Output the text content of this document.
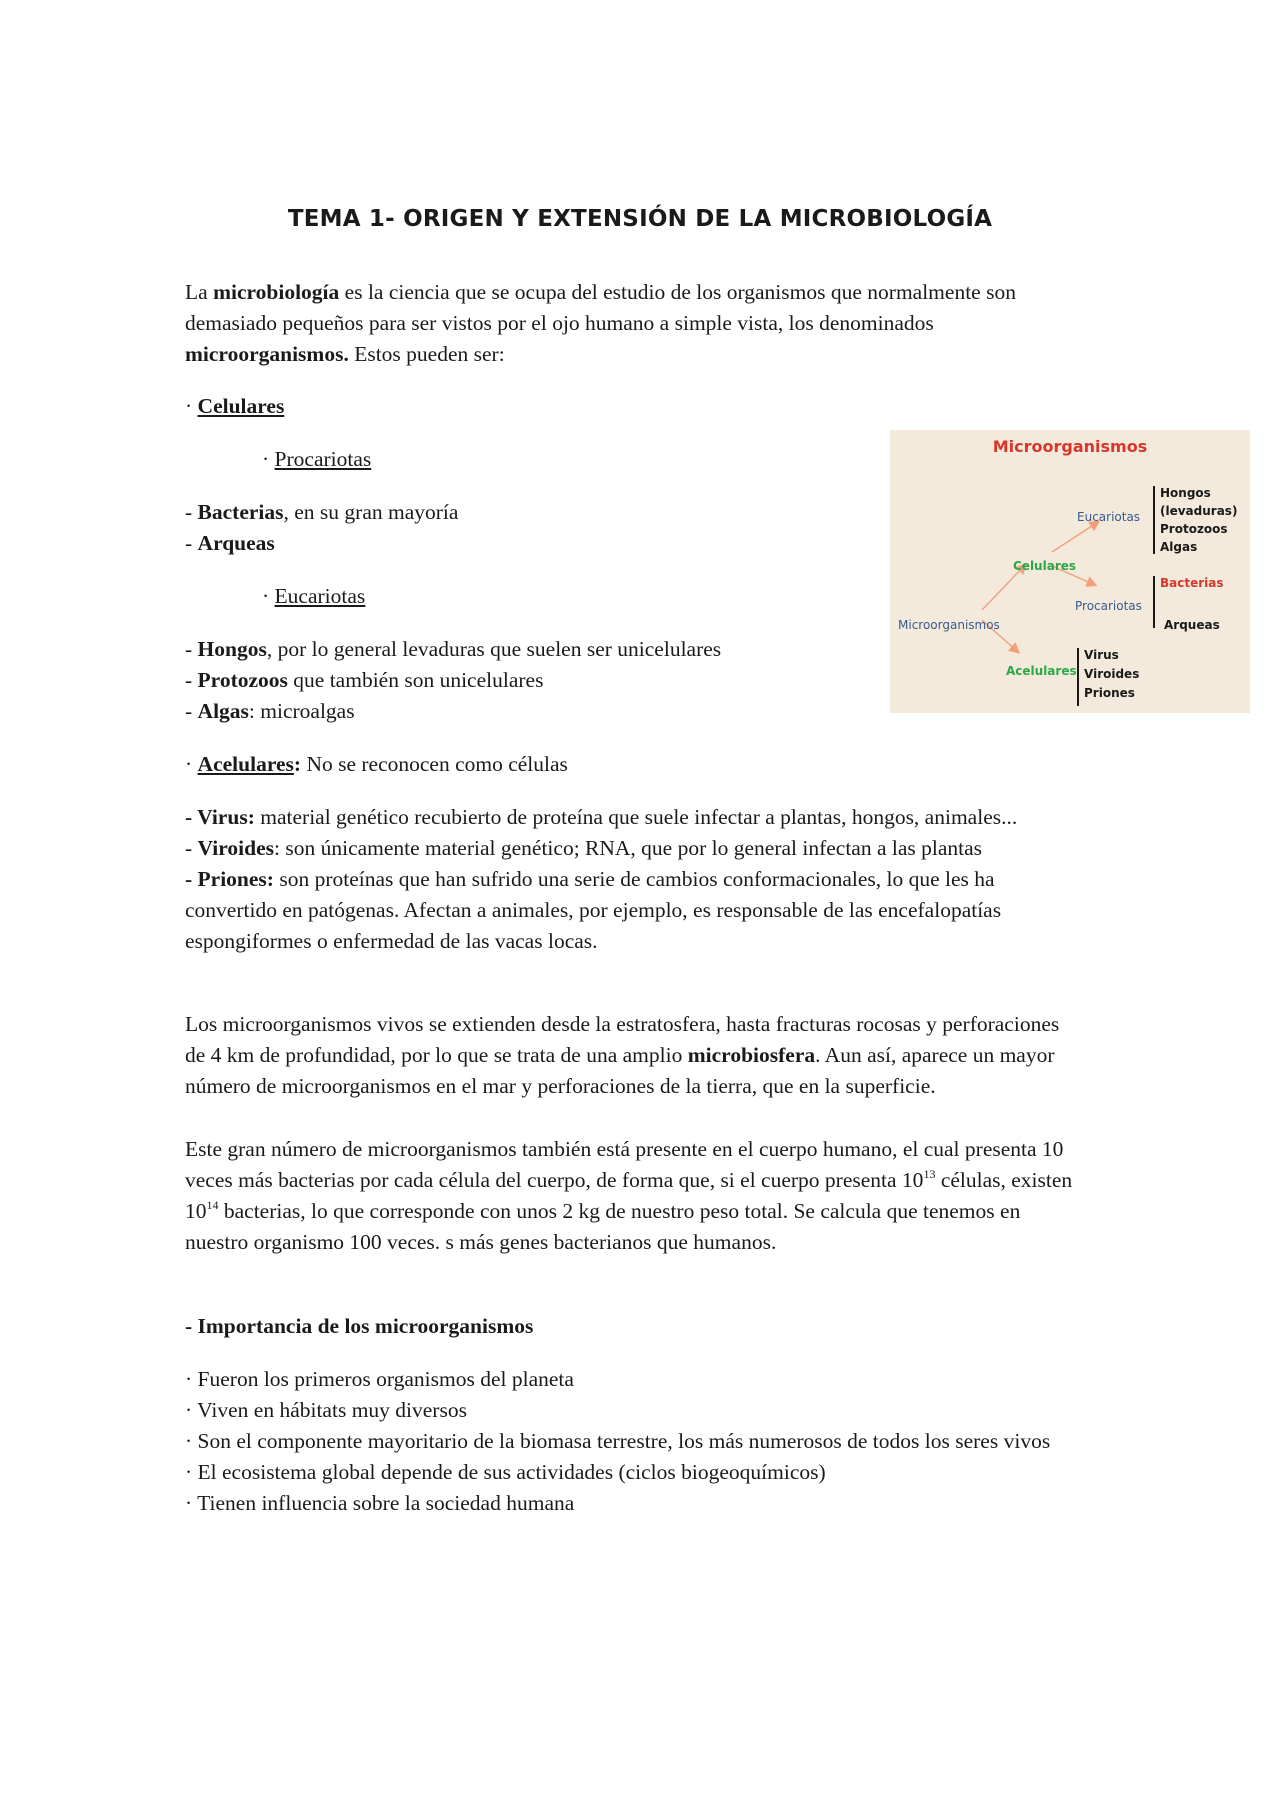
TEMA 1- ORIGEN Y EXTENSIÓN DE LA MICROBIOLOGÍA
La microbiología es la ciencia que se ocupa del estudio de los organismos que normalmente son
demasiado pequeños para ser vistos por el ojo humano a simple vista, los denominados
microorganismos. Estos pueden ser:
· Celulares
· Procariotas
- Bacterias, en su gran mayoría
- Arqueas
· Eucariotas
- Hongos, por lo general levaduras que suelen ser unicelulares
- Protozoos que también son unicelulares
- Algas: microalgas
· Acelulares: No se reconocen como células
- Virus: material genético recubierto de proteína que suele infectar a plantas, hongos, animales...
- Viroides: son únicamente material genético; RNA, que por lo general infectan a las plantas
- Priones: son proteínas que han sufrido una serie de cambios conformacionales, lo que les ha
convertido en patógenas. Afectan a animales, por ejemplo, es responsable de las encefalopatías
espongiformes o enfermedad de las vacas locas.
Los microorganismos vivos se extienden desde la estratosfera, hasta fracturas rocosas y perforaciones
de 4 km de profundidad, por lo que se trata de una amplio microbiosfera. Aun así, aparece un mayor
número de microorganismos en el mar y perforaciones de la tierra, que en la superficie.
Este gran número de microorganismos también está presente en el cuerpo humano, el cual presenta 10
veces más bacterias por cada célula del cuerpo, de forma que, si el cuerpo presenta $10^{13}$ células, existen
$10^{14}$ bacterias, lo que corresponde con unos 2 kg de nuestro peso total. Se calcula que tenemos en
nuestro organismo 100 veces. s más genes bacterianos que humanos.
- Importancia de los microorganismos
· Fueron los primeros organismos del planeta
· Viven en hábitats muy diversos
· Son el componente mayoritario de la biomasa terrestre, los más numerosos de todos los seres vivos
· El ecosistema global depende de sus actividades (ciclos biogeoquímicos)
· Tienen influencia sobre la sociedad humana
Microorganismos
Microorganismos
Celulares
Acelulares
Eucariotas
Procariotas
Hongos
(levaduras)
Protozoos
Algas
Bacterias
Arqueas
Virus
Viroides
Priones
